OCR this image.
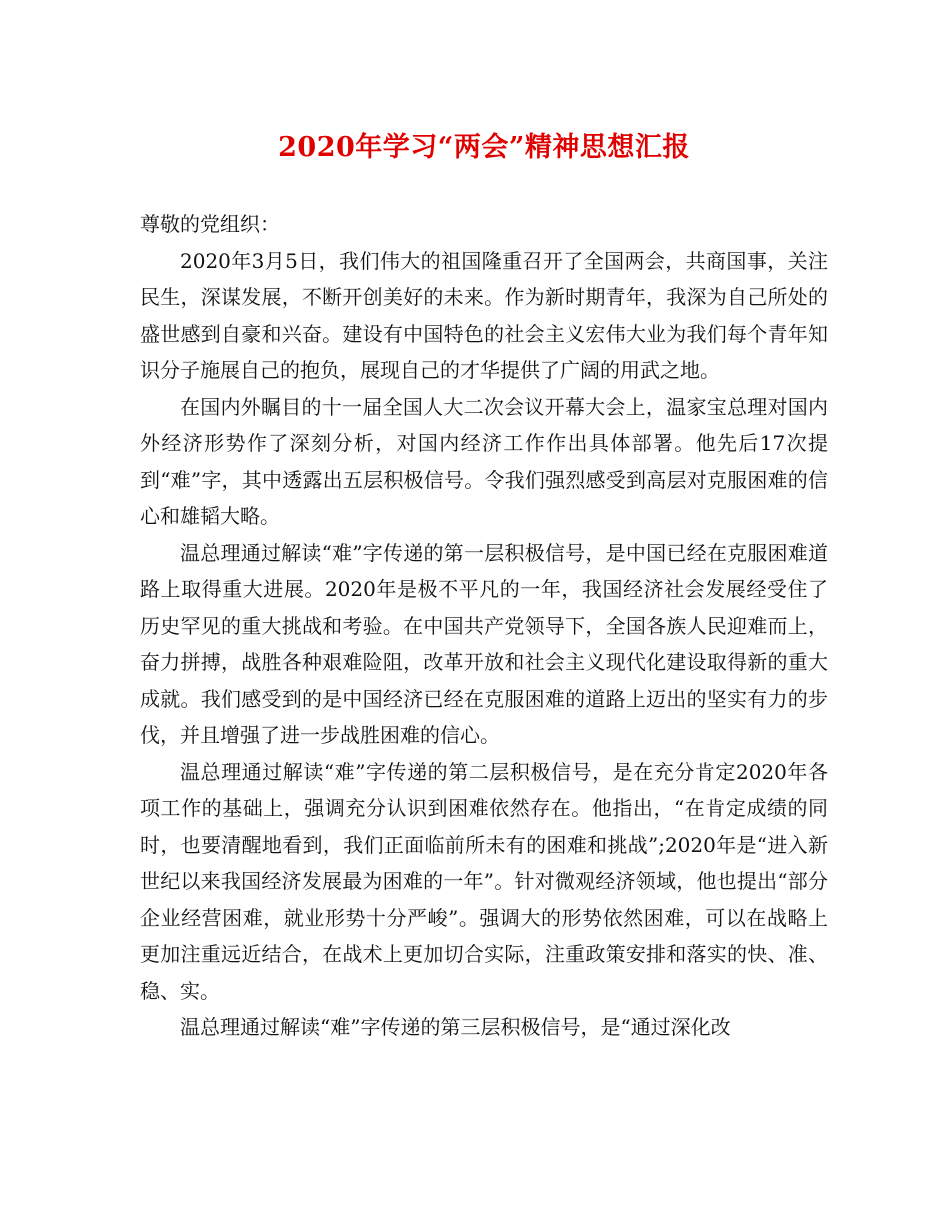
2020年学习“两会”精神思想汇报

尊敬的党组织：

2020年3月5日，我们伟大的祖国隆重召开了全国两会，共商国事，关注民生，深谋发展，不断开创美好的未来。作为新时期青年，我深为自己所处的盛世感到自豪和兴奋。建设有中国特色的社会主义宏伟大业为我们每个青年知识分子施展自己的抱负，展现自己的才华提供了广阔的用武之地。

在国内外瞩目的十一届全国人大二次会议开幕大会上，温家宝总理对国内外经济形势作了深刻分析，对国内经济工作作出具体部署。他先后17次提到“难”字，其中透露出五层积极信号。令我们强烈感受到高层对克服困难的信心和雄韬大略。

温总理通过解读“难”字传递的第一层积极信号，是中国已经在克服困难道路上取得重大进展。2020年是极不平凡的一年，我国经济社会发展经受住了历史罕见的重大挑战和考验。在中国共产党领导下，全国各族人民迎难而上，奋力拼搏，战胜各种艰难险阻，改革开放和社会主义现代化建设取得新的重大成就。我们感受到的是中国经济已经在克服困难的道路上迈出的坚实有力的步伐，并且增强了进一步战胜困难的信心。

温总理通过解读“难”字传递的第二层积极信号，是在充分肯定2020年各项工作的基础上，强调充分认识到困难依然存在。他指出，“在肯定成绩的同时，也要清醒地看到，我们正面临前所未有的困难和挑战”;2020年是“进入新世纪以来我国经济发展最为困难的一年”。针对微观经济领域，他也提出“部分企业经营困难，就业形势十分严峻”。强调大的形势依然困难，可以在战略上更加注重远近结合，在战术上更加切合实际，注重政策安排和落实的快、准、稳、实。

温总理通过解读“难”字传递的第三层积极信号，是“通过深化改
